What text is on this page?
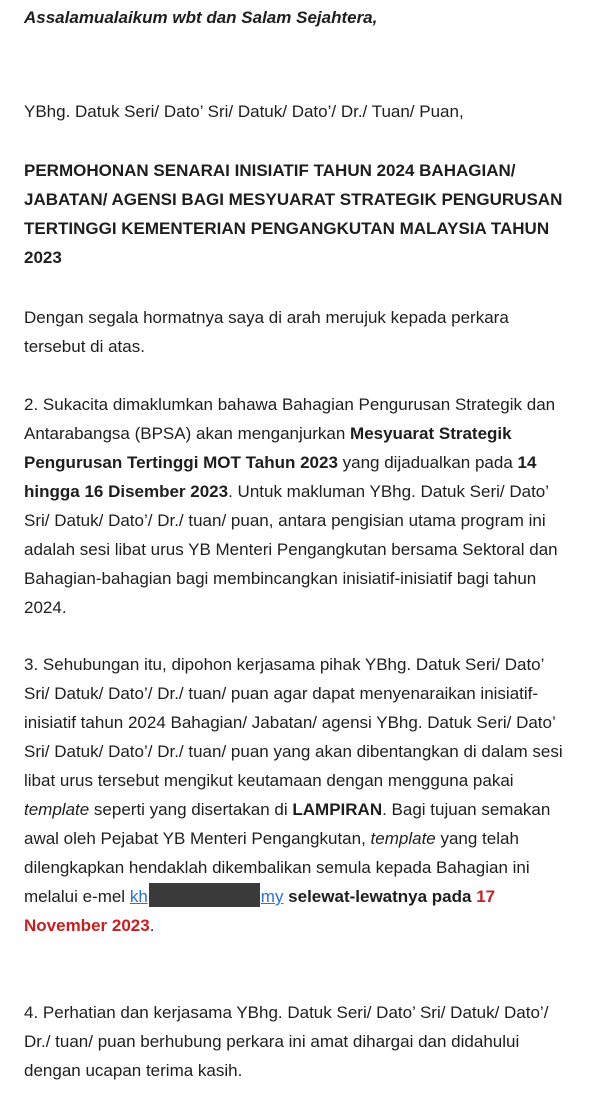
Assalamualaikum wbt dan Salam Sejahtera,

YBhg. Datuk Seri/ Dato’ Sri/ Datuk/ Dato’/ Dr./ Tuan/ Puan,

PERMOHONAN SENARAI INISIATIF TAHUN 2024 BAHAGIAN/ JABATAN/ AGENSI BAGI MESYUARAT STRATEGIK PENGURUSAN TERTINGGI KEMENTERIAN PENGANGKUTAN MALAYSIA TAHUN 2023

Dengan segala hormatnya saya di arah merujuk kepada perkara tersebut di atas.

2. Sukacita dimaklumkan bahawa Bahagian Pengurusan Strategik dan Antarabangsa (BPSA) akan menganjurkan Mesyuarat Strategik Pengurusan Tertinggi MOT Tahun 2023 yang dijadualkan pada 14 hingga 16 Disember 2023. Untuk makluman YBhg. Datuk Seri/ Dato’ Sri/ Datuk/ Dato’/ Dr./ tuan/ puan, antara pengisian utama program ini adalah sesi libat urus YB Menteri Pengangkutan bersama Sektoral dan Bahagian-bahagian bagi membincangkan inisiatif-inisiatif bagi tahun 2024.

3. Sehubungan itu, dipohon kerjasama pihak YBhg. Datuk Seri/ Dato’ Sri/ Datuk/ Dato’/ Dr./ tuan/ puan agar dapat menyenaraikan inisiatif-inisiatif tahun 2024 Bahagian/ Jabatan/ agensi YBhg. Datuk Seri/ Dato’ Sri/ Datuk/ Dato’/ Dr./ tuan/ puan yang akan dibentangkan di dalam sesi libat urus tersebut mengikut keutamaan dengan mengguna pakai template seperti yang disertakan di LAMPIRAN. Bagi tujuan semakan awal oleh Pejabat YB Menteri Pengangkutan, template yang telah dilengkapkan hendaklah dikembalikan semula kepada Bahagian ini melalui e-mel kh	my selewat-lewatnya pada 17 November 2023.

4. Perhatian dan kerjasama YBhg. Datuk Seri/ Dato’ Sri/ Datuk/ Dato’/ Dr./ tuan/ puan berhubung perkara ini amat dihargai dan didahului dengan ucapan terima kasih.
